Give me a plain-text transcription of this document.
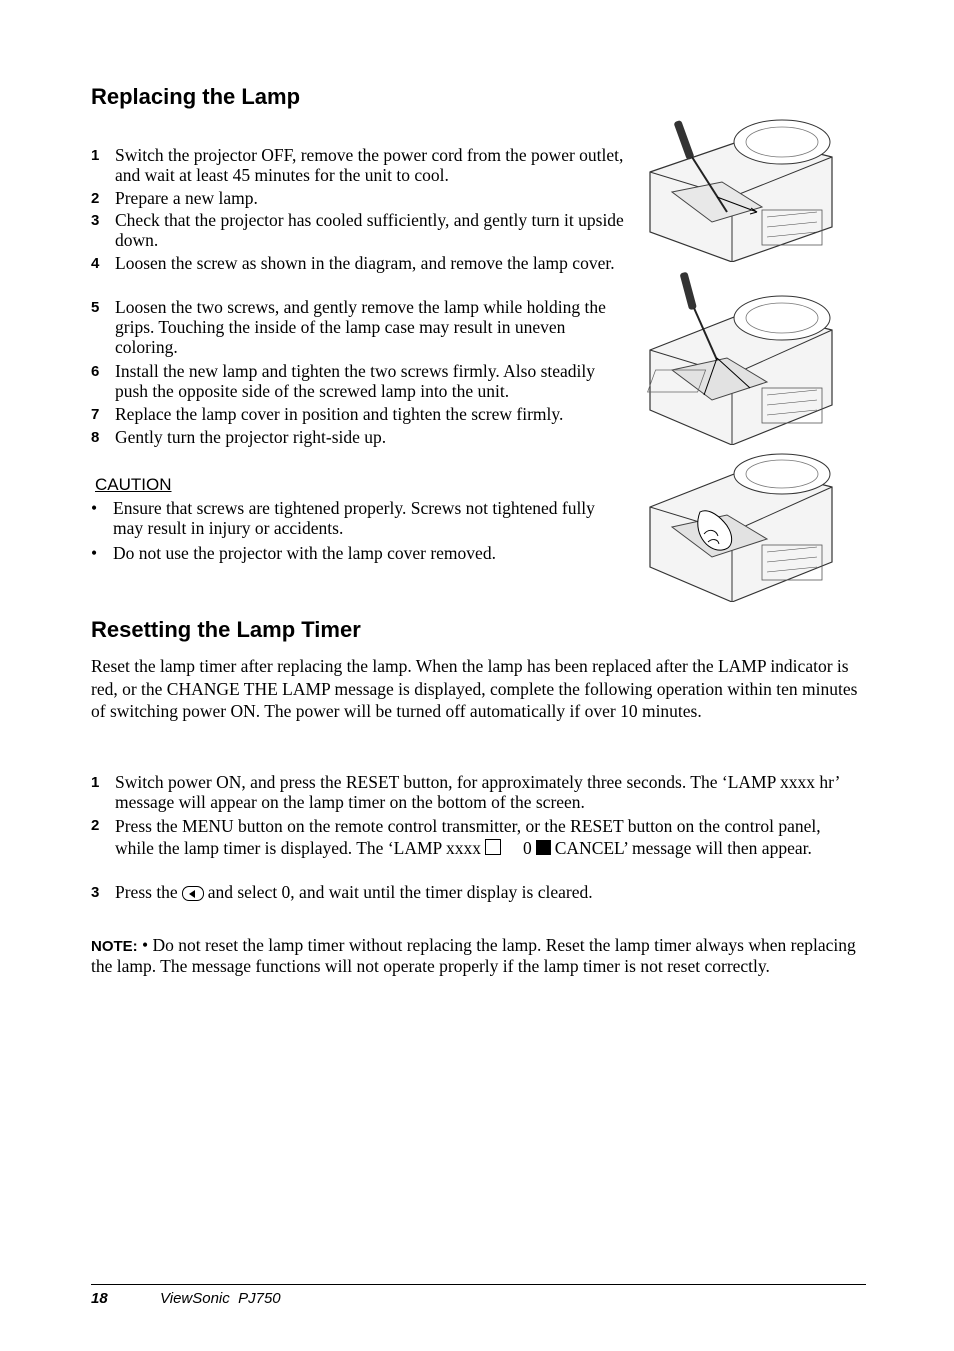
Replacing the Lamp
1 Switch the projector OFF, remove the power cord from the power outlet, and wait at least 45 minutes for the unit to cool.
2 Prepare a new lamp.
3 Check that the projector has cooled sufficiently, and gently turn it upside down.
4 Loosen the screw as shown in the diagram, and remove the lamp cover.
5 Loosen the two screws, and gently remove the lamp while holding the grips. Touching the inside of the lamp case may result in uneven coloring.
6 Install the new lamp and tighten the two screws firmly. Also steadily push the opposite side of the screwed lamp into the unit.
7 Replace the lamp cover in position and tighten the screw firmly.
8 Gently turn the projector right-side up.
CAUTION
• Ensure that screws are tightened properly. Screws not tightened fully may result in injury or accidents.
• Do not use the projector with the lamp cover removed.
Resetting the Lamp Timer
Reset the lamp timer after replacing the lamp. When the lamp has been replaced after the LAMP indicator is red, or the CHANGE THE LAMP message is displayed, complete the following operation within ten minutes of switching power ON. The power will be turned off automatically if over 10 minutes.
1 Switch power ON, and press the RESET button, for approximately three seconds. The ‘LAMP xxxx hr’ message will appear on the lamp timer on the bottom of the screen.
2 Press the MENU button on the remote control transmitter, or the RESET button on the control panel, while the lamp timer is displayed. The ‘LAMP xxxx 0 CANCEL’ message will then appear.
3 Press the and select 0, and wait until the timer display is cleared.
NOTE: • Do not reset the lamp timer without replacing the lamp. Reset the lamp timer always when replacing the lamp. The message functions will not operate properly if the lamp timer is not reset correctly.
18	ViewSonic  PJ750
